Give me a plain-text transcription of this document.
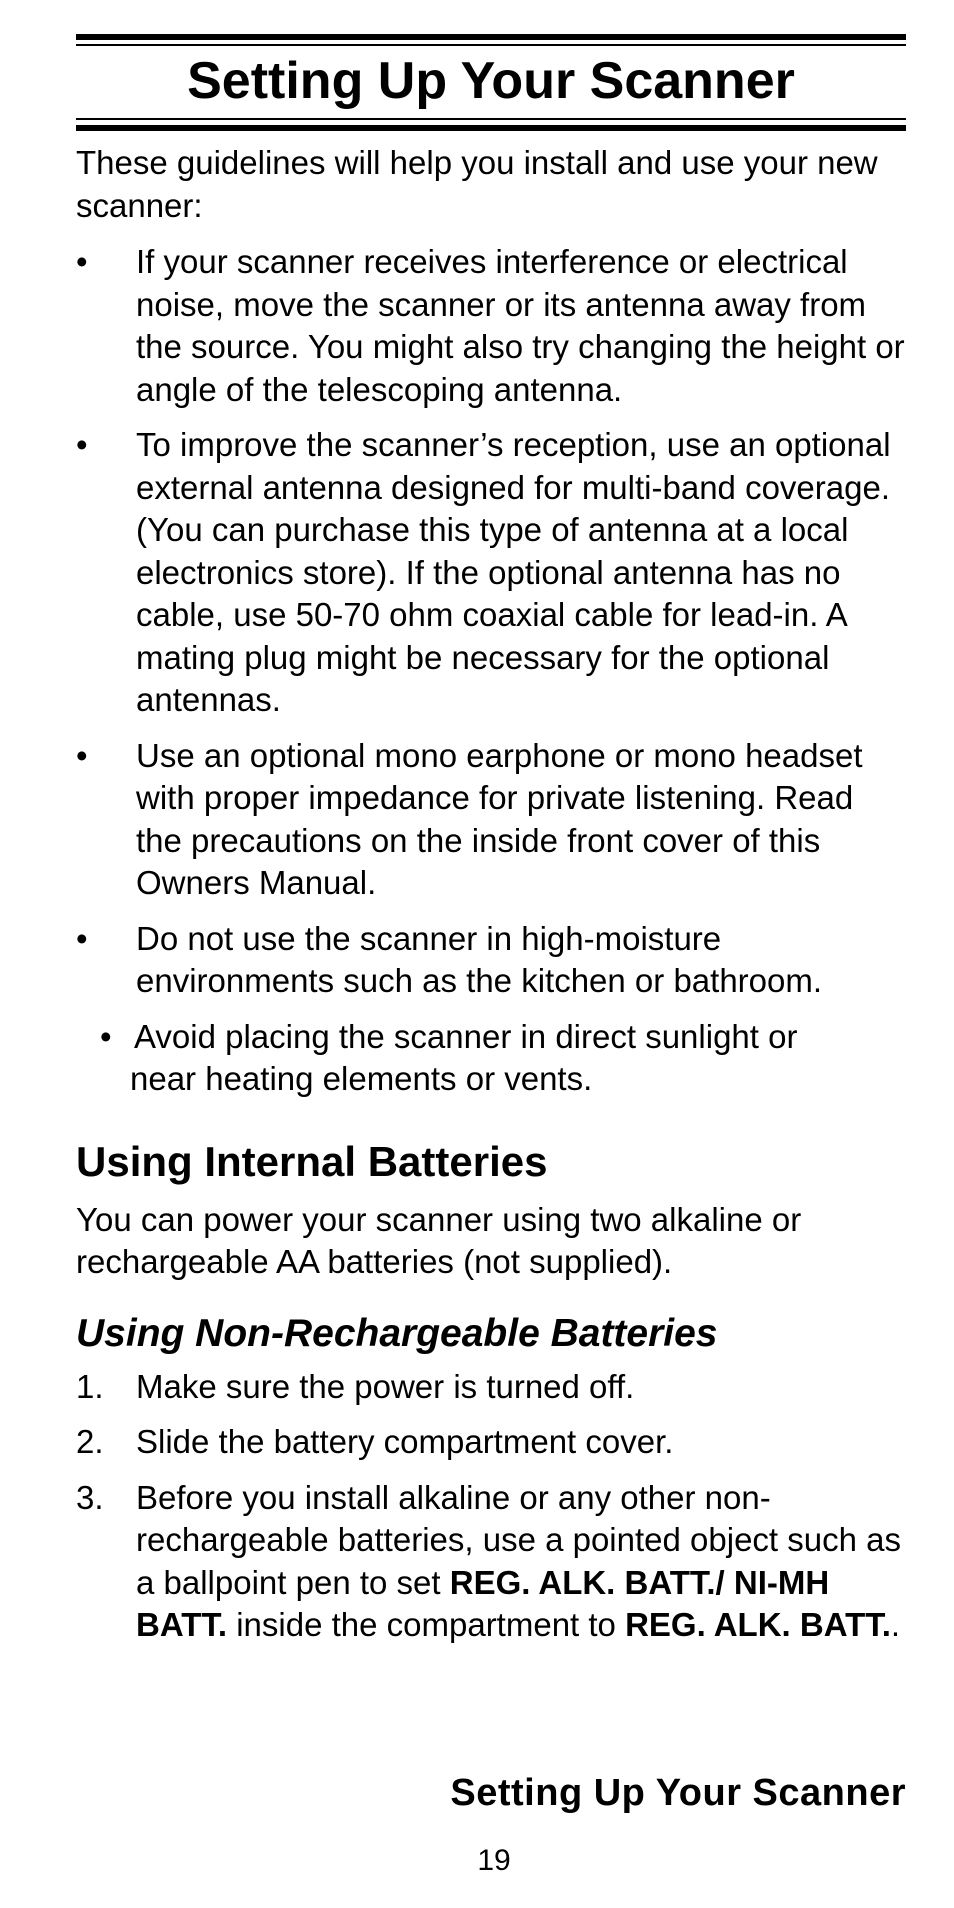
Setting Up Your Scanner

These guidelines will help you install and use your new scanner:

• If your scanner receives interference or electrical noise, move the scanner or its antenna away from the source. You might also try changing the height or angle of the telescoping antenna.
• To improve the scanner’s reception, use an optional external antenna designed for multi-band coverage. (You can purchase this type of antenna at a local electronics store). If the optional antenna has no cable, use 50-70 ohm coaxial cable for lead-in. A mating plug might be necessary for the optional antennas.
• Use an optional mono earphone or mono headset with proper impedance for private listening. Read the precautions on the inside front cover of this Owners Manual.
• Do not use the scanner in high-moisture environments such as the kitchen or bathroom.
• Avoid placing the scanner in direct sunlight or
near heating elements or vents.
Using Internal Batteries

You can power your scanner using two alkaline or rechargeable AA batteries (not supplied).

Using Non-Rechargeable Batteries
1. Make sure the power is turned off.
2. Slide the battery compartment cover.
3. Before you install alkaline or any other non-rechargeable batteries, use a pointed object such as a ballpoint pen to set REG. ALK. BATT./ NI-MH BATT. inside the compartment to REG. ALK. BATT..
Setting Up Your Scanner
19
